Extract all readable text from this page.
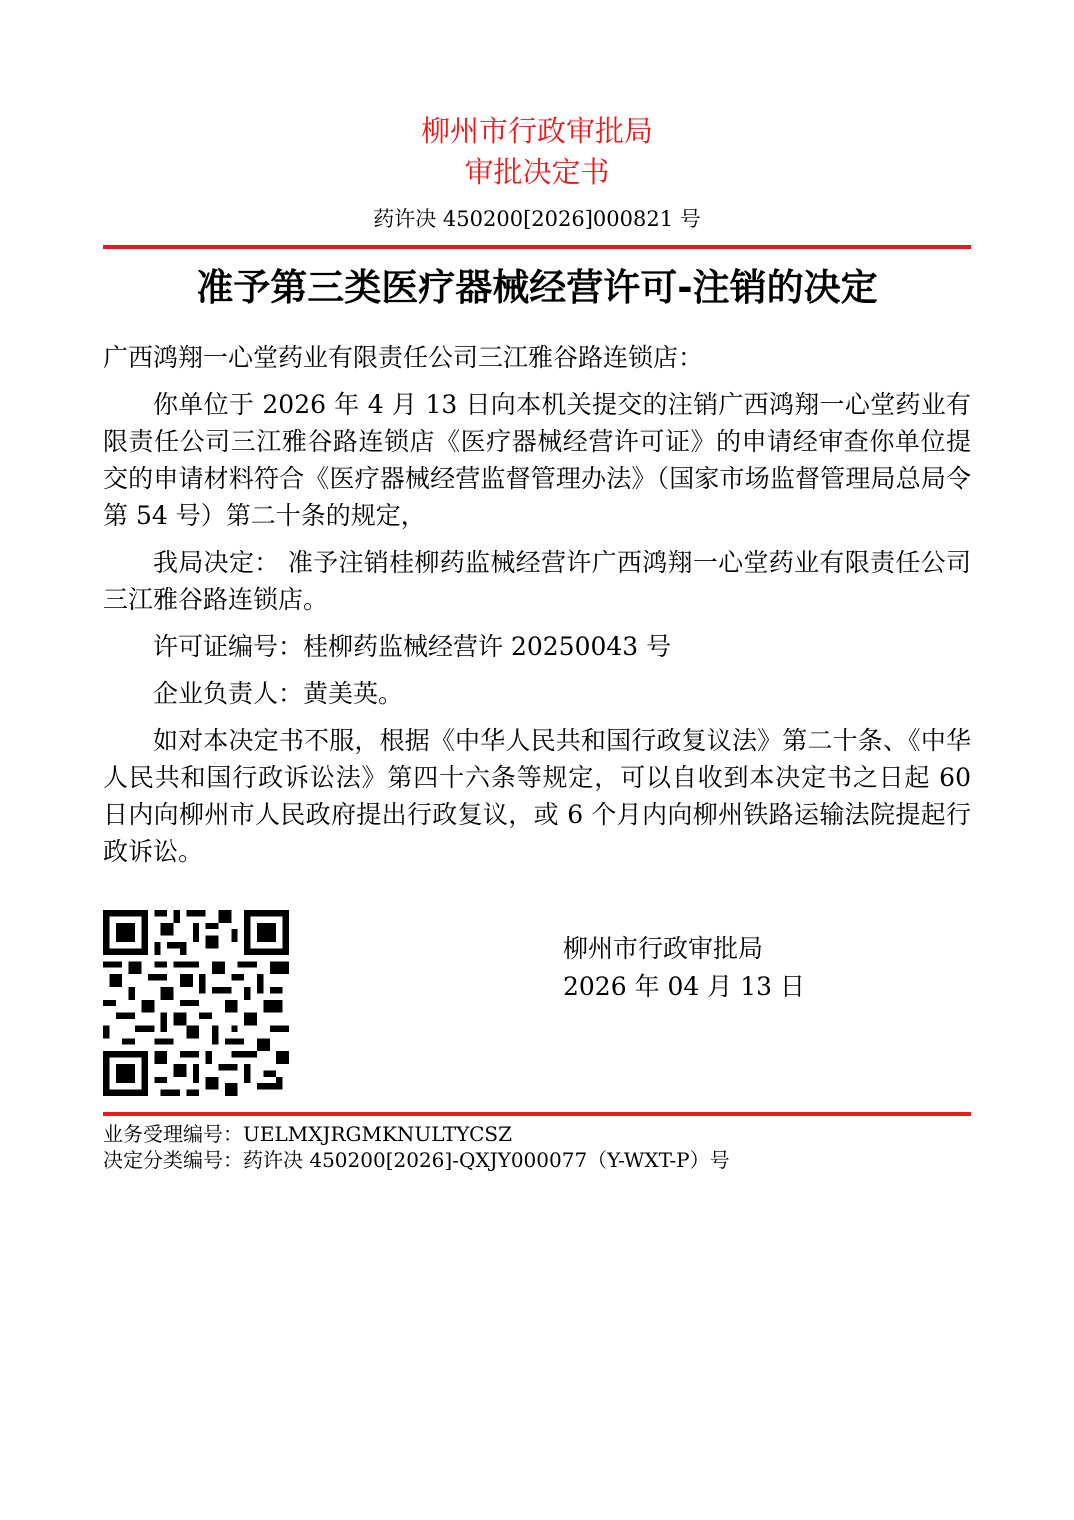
柳州市行政审批局
审批决定书
药许决 450200[2026]000821 号
准予第三类医疗器械经营许可-注销的决定

广西鸿翔一心堂药业有限责任公司三江雅谷路连锁店：

你单位于 2026 年 4 月 13 日向本机关提交的注销广西鸿翔一心堂药业有限责任公司三江雅谷路连锁店《医疗器械经营许可证》的申请经审查你单位提交的申请材料符合《医疗器械经营监督管理办法》（国家市场监督管理局总局令第 54 号）第二十条的规定，

我局决定： 准予注销桂柳药监械经营许广西鸿翔一心堂药业有限责任公司三江雅谷路连锁店。

许可证编号：桂柳药监械经营许 20250043 号

企业负责人：黄美英。

如对本决定书不服，根据《中华人民共和国行政复议法》第二十条、《中华人民共和国行政诉讼法》第四十六条等规定，可以自收到本决定书之日起 60 日内向柳州市人民政府提出行政复议，或 6 个月内向柳州铁路运输法院提起行政诉讼。

柳州市行政审批局
2026 年 04 月 13 日
业务受理编号：UELMXJRGMKNULTYCSZ
决定分类编号：药许决 450200[2026]-QXJY000077（Y-WXT-P）号
